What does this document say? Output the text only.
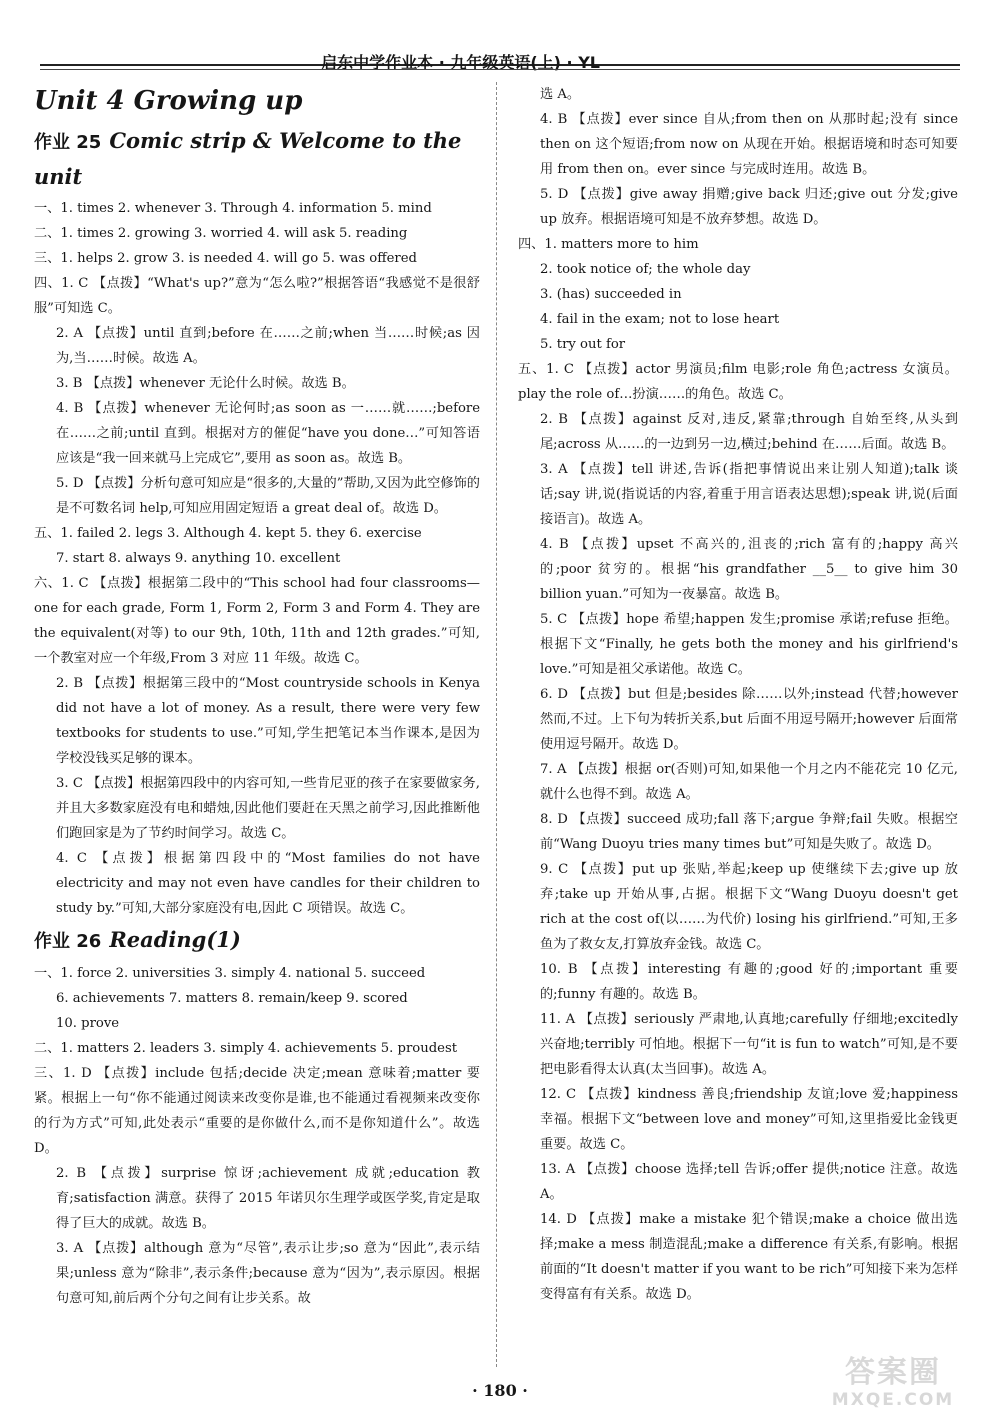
启东中学作业本 · 九年级英语(上) · YL
Unit 4 Growing up
作业 25 Comic strip & Welcome to the unit

一、1. times 2. whenever 3. Through 4. information 5. mind

二、1. times 2. growing 3. worried 4. will ask 5. reading

三、1. helps 2. grow 3. is needed 4. will go 5. was offered

四、1. C 【点拨】“What's up?”意为“怎么啦?”根据答语“我感觉不是很舒服”可知选 C。

2. A 【点拨】until 直到;before 在……之前;when 当……时候;as 因为,当……时候。故选 A。

3. B 【点拨】whenever 无论什么时候。故选 B。

4. B 【点拨】whenever 无论何时;as soon as 一……就……;before 在……之前;until 直到。根据对方的催促“have you done…”可知答语应该是“我一回来就马上完成它”,要用 as soon as。故选 B。

5. D 【点拨】分析句意可知应是“很多的,大量的”帮助,又因为此空修饰的是不可数名词 help,可知应用固定短语 a great deal of。故选 D。

五、1. failed 2. legs 3. Although 4. kept 5. they 6. exercise

7. start 8. always 9. anything 10. excellent

六、1. C 【点拨】根据第二段中的“This school had four classrooms—one for each grade, Form 1, Form 2, Form 3 and Form 4. They are the equivalent(对等) to our 9th, 10th, 11th and 12th grades.”可知,一个教室对应一个年级,From 3 对应 11 年级。故选 C。

2. B 【点拨】根据第三段中的“Most countryside schools in Kenya did not have a lot of money. As a result, there were very few textbooks for students to use.”可知,学生把笔记本当作课本,是因为学校没钱买足够的课本。

3. C 【点拨】根据第四段中的内容可知,一些肯尼亚的孩子在家要做家务,并且大多数家庭没有电和蜡烛,因此他们要赶在天黑之前学习,因此推断他们跑回家是为了节约时间学习。故选 C。

4. C 【点拨】根据第四段中的“Most families do not have electricity and may not even have candles for their children to study by.”可知,大部分家庭没有电,因此 C 项错误。故选 C。

作业 26 Reading(1)

一、1. force 2. universities 3. simply 4. national 5. succeed

6. achievements 7. matters 8. remain/keep 9. scored

10. prove

二、1. matters 2. leaders 3. simply 4. achievements 5. proudest

三、1. D 【点拨】include 包括;decide 决定;mean 意味着;matter 要紧。根据上一句“你不能通过阅读来改变你是谁,也不能通过看视频来改变你的行为方式”可知,此处表示“重要的是你做什么,而不是你知道什么”。故选 D。

2. B 【点拨】surprise 惊讶;achievement 成就;education 教育;satisfaction 满意。获得了 2015 年诺贝尔生理学或医学奖,肯定是取得了巨大的成就。故选 B。

3. A 【点拨】although 意为“尽管”,表示让步;so 意为“因此”,表示结果;unless 意为“除非”,表示条件;because 意为“因为”,表示原因。根据句意可知,前后两个分句之间有让步关系。故

选 A。

4. B 【点拨】ever since 自从;from then on 从那时起;没有 since then on 这个短语;from now on 从现在开始。根据语境和时态可知要用 from then on。ever since 与完成时连用。故选 B。

5. D 【点拨】give away 捐赠;give back 归还;give out 分发;give up 放弃。根据语境可知是不放弃梦想。故选 D。

四、1. matters more to him

2. took notice of; the whole day

3. (has) succeeded in

4. fail in the exam; not to lose heart

5. try out for

五、1. C 【点拨】actor 男演员;film 电影;role 角色;actress 女演员。play the role of…扮演……的角色。故选 C。

2. B 【点拨】against 反对,违反,紧靠;through 自始至终,从头到尾;across 从……的一边到另一边,横过;behind 在……后面。故选 B。

3. A 【点拨】tell 讲述,告诉(指把事情说出来让别人知道);talk 谈话;say 讲,说(指说话的内容,着重于用言语表达思想);speak 讲,说(后面接语言)。故选 A。

4. B 【点拨】upset 不高兴的,沮丧的;rich 富有的;happy 高兴的;poor 贫穷的。根据“his grandfather __5__ to give him 30 billion yuan.”可知为一夜暴富。故选 B。

5. C 【点拨】hope 希望;happen 发生;promise 承诺;refuse 拒绝。根据下文“Finally, he gets both the money and his girlfriend's love.”可知是祖父承诺他。故选 C。

6. D 【点拨】but 但是;besides 除……以外;instead 代替;however 然而,不过。上下句为转折关系,but 后面不用逗号隔开;however 后面常使用逗号隔开。故选 D。

7. A 【点拨】根据 or(否则)可知,如果他一个月之内不能花完 10 亿元,就什么也得不到。故选 A。

8. D 【点拨】succeed 成功;fall 落下;argue 争辩;fail 失败。根据空前“Wang Duoyu tries many times but”可知是失败了。故选 D。

9. C 【点拨】put up 张贴,举起;keep up 使继续下去;give up 放弃;take up 开始从事,占据。根据下文“Wang Duoyu doesn't get rich at the cost of(以……为代价) losing his girlfriend.”可知,王多鱼为了救女友,打算放弃金钱。故选 C。

10. B 【点拨】interesting 有趣的;good 好的;important 重要的;funny 有趣的。故选 B。

11. A 【点拨】seriously 严肃地,认真地;carefully 仔细地;excitedly 兴奋地;terribly 可怕地。根据下一句“it is fun to watch”可知,是不要把电影看得太认真(太当回事)。故选 A。

12. C 【点拨】kindness 善良;friendship 友谊;love 爱;happiness 幸福。根据下文“between love and money”可知,这里指爱比金钱更重要。故选 C。

13. A 【点拨】choose 选择;tell 告诉;offer 提供;notice 注意。故选 A。

14. D 【点拨】make a mistake 犯个错误;make a choice 做出选择;make a mess 制造混乱;make a difference 有关系,有影响。根据前面的“It doesn't matter if you want to be rich”可知接下来为怎样变得富有有关系。故选 D。

· 180 ·
答案圈
MXQE.COM
